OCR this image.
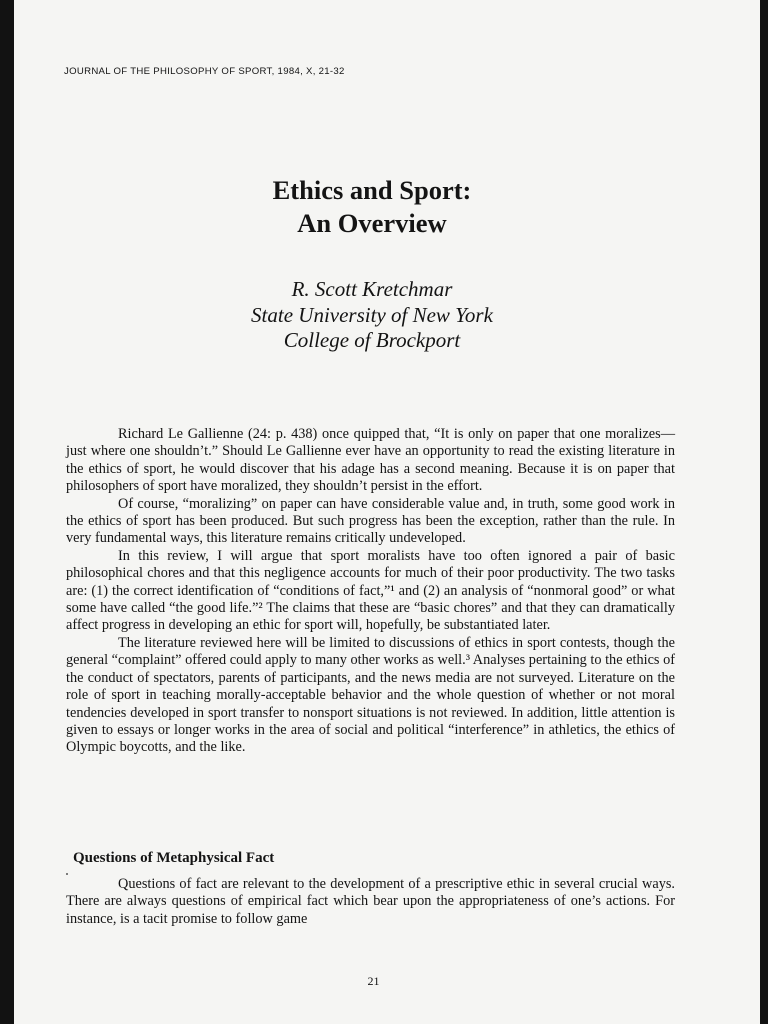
JOURNAL OF THE PHILOSOPHY OF SPORT, 1984, X, 21-32
Ethics and Sport:
An Overview
R. Scott Kretchmar
State University of New York
College of Brockport

Richard Le Gallienne (24: p. 438) once quipped that, “It is only on paper that one moralizes—just where one shouldn’t.” Should Le Gallienne ever have an opportunity to read the existing literature in the ethics of sport, he would discover that his adage has a second meaning. Because it is on paper that philosophers of sport have moralized, they shouldn’t persist in the effort.

Of course, “moralizing” on paper can have considerable value and, in truth, some good work in the ethics of sport has been produced. But such progress has been the exception, rather than the rule. In very fundamental ways, this literature remains critically undeveloped.

In this review, I will argue that sport moralists have too often ignored a pair of basic philosophical chores and that this negligence accounts for much of their poor productivity. The two tasks are: (1) the correct identification of “conditions of fact,”¹ and (2) an analysis of “nonmoral good” or what some have called “the good life.”² The claims that these are “basic chores” and that they can dramatically affect progress in developing an ethic for sport will, hopefully, be substantiated later.

The literature reviewed here will be limited to discussions of ethics in sport contests, though the general “complaint” offered could apply to many other works as well.³ Analyses pertaining to the ethics of the conduct of spectators, parents of participants, and the news media are not surveyed. Literature on the role of sport in teaching morally-acceptable behavior and the whole question of whether or not moral tendencies developed in sport transfer to nonsport situations is not reviewed. In addition, little attention is given to essays or longer works in the area of social and political “interference” in athletics, the ethics of Olympic boycotts, and the like.

Questions of Metaphysical Fact

Questions of fact are relevant to the development of a prescriptive ethic in several crucial ways. There are always questions of empirical fact which bear upon the appropriateness of one’s actions. For instance, is a tacit promise to follow game

21
